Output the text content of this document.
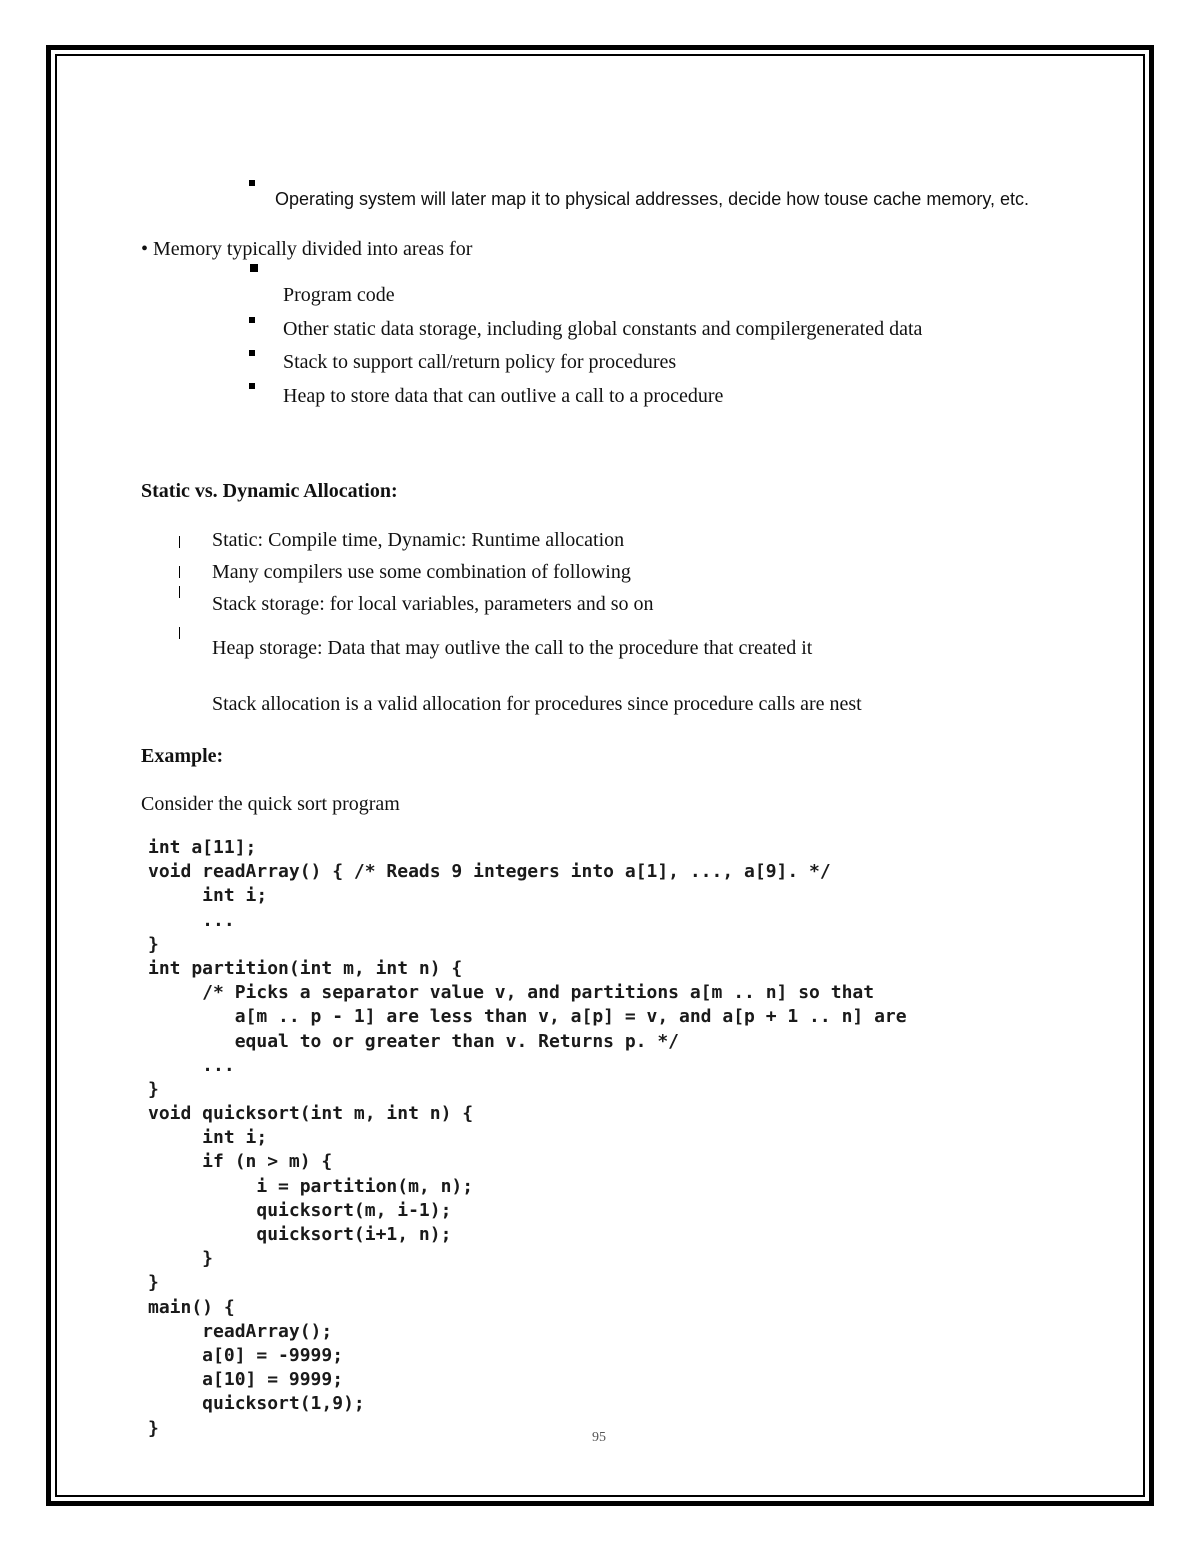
Operating system will later map it to physical addresses, decide how touse cache memory, etc.
• Memory typically divided into areas for
Program code
Other static data storage, including global constants and compilergenerated data
Stack to support call/return policy for procedures
Heap to store data that can outlive a call to a procedure
Static vs. Dynamic Allocation:
Static: Compile time, Dynamic: Runtime allocation
Many compilers use some combination of following
Stack storage: for local variables, parameters and so on
Heap storage: Data that may outlive the call to the procedure that created it
Stack allocation is a valid allocation for procedures since procedure calls are nest
Example:
Consider the quick sort program
int a[11];
void readArray() { /* Reads 9 integers into a[1], ..., a[9]. */
int i;
...
}
int partition(int m, int n) {
/* Picks a separator value v, and partitions a[m .. n] so that
a[m .. p - 1] are less than v, a[p] = v, and a[p + 1 .. n] are
equal to or greater than v. Returns p. */
...
}
void quicksort(int m, int n) {
int i;
if (n > m) {
i = partition(m, n);
quicksort(m, i-1);
quicksort(i+1, n);
}
}
main() {
readArray();
a[0] = -9999;
a[10] = 9999;
quicksort(1,9);
}	95
